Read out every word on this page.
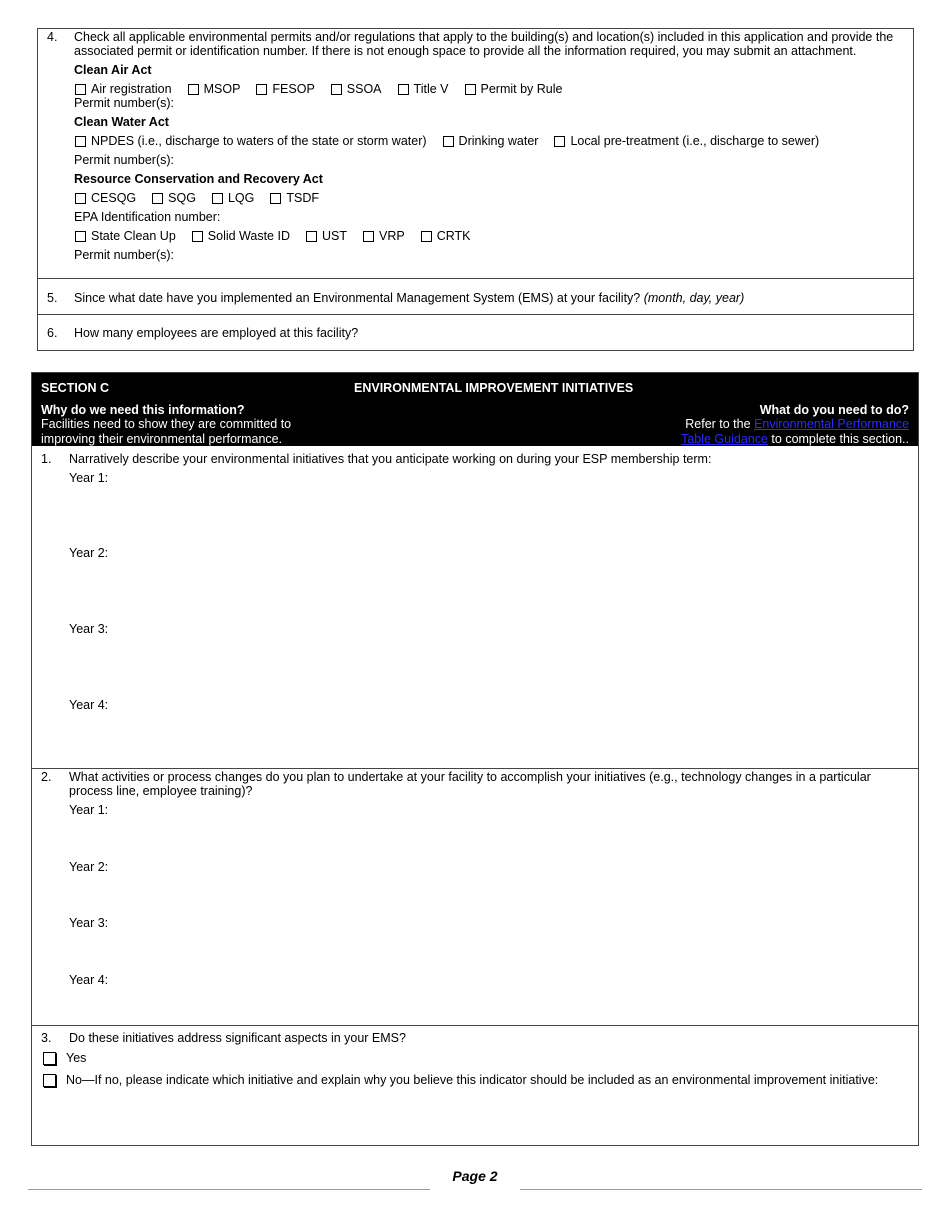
4. Check all applicable environmental permits and/or regulations that apply to the building(s) and location(s) included in this application and provide the
associated permit or identification number. If there is not enough space to provide all the information required, you may submit an attachment.
Clean Air Act
Air registration	MSOP	FESOP	SSOA	Title V	Permit by Rule
Permit number(s):
Clean Water Act
NPDES (i.e., discharge to waters of the state or storm water)	Drinking water	Local pre-treatment (i.e., discharge to sewer)
Permit number(s):
Resource Conservation and Recovery Act
CESQG	SQG	LQG	TSDF
EPA Identification number:
State Clean Up	Solid Waste ID	UST	VRP	CRTK
Permit number(s):
5. Since what date have you implemented an Environmental Management System (EMS) at your facility? (month, day, year)
6. How many employees are employed at this facility?
SECTION C	ENVIRONMENTAL IMPROVEMENT INITIATIVES
Why do we need this information?
Facilities need to show they are committed to
improving their environmental performance.
What do you need to do?
Refer to the Environmental Performance
Table Guidance to complete this section..
1. Narratively describe your environmental initiatives that you anticipate working on during your ESP membership term:
Year 1:
Year 2:
Year 3:
Year 4:
2. What activities or process changes do you plan to undertake at your facility to accomplish your initiatives (e.g., technology changes in a particular
process line, employee training)?
Year 1:
Year 2:
Year 3:
Year 4:
3. Do these initiatives address significant aspects in your EMS?
Yes
No—If no, please indicate which initiative and explain why you believe this indicator should be included as an environmental improvement initiative:
Page 2
